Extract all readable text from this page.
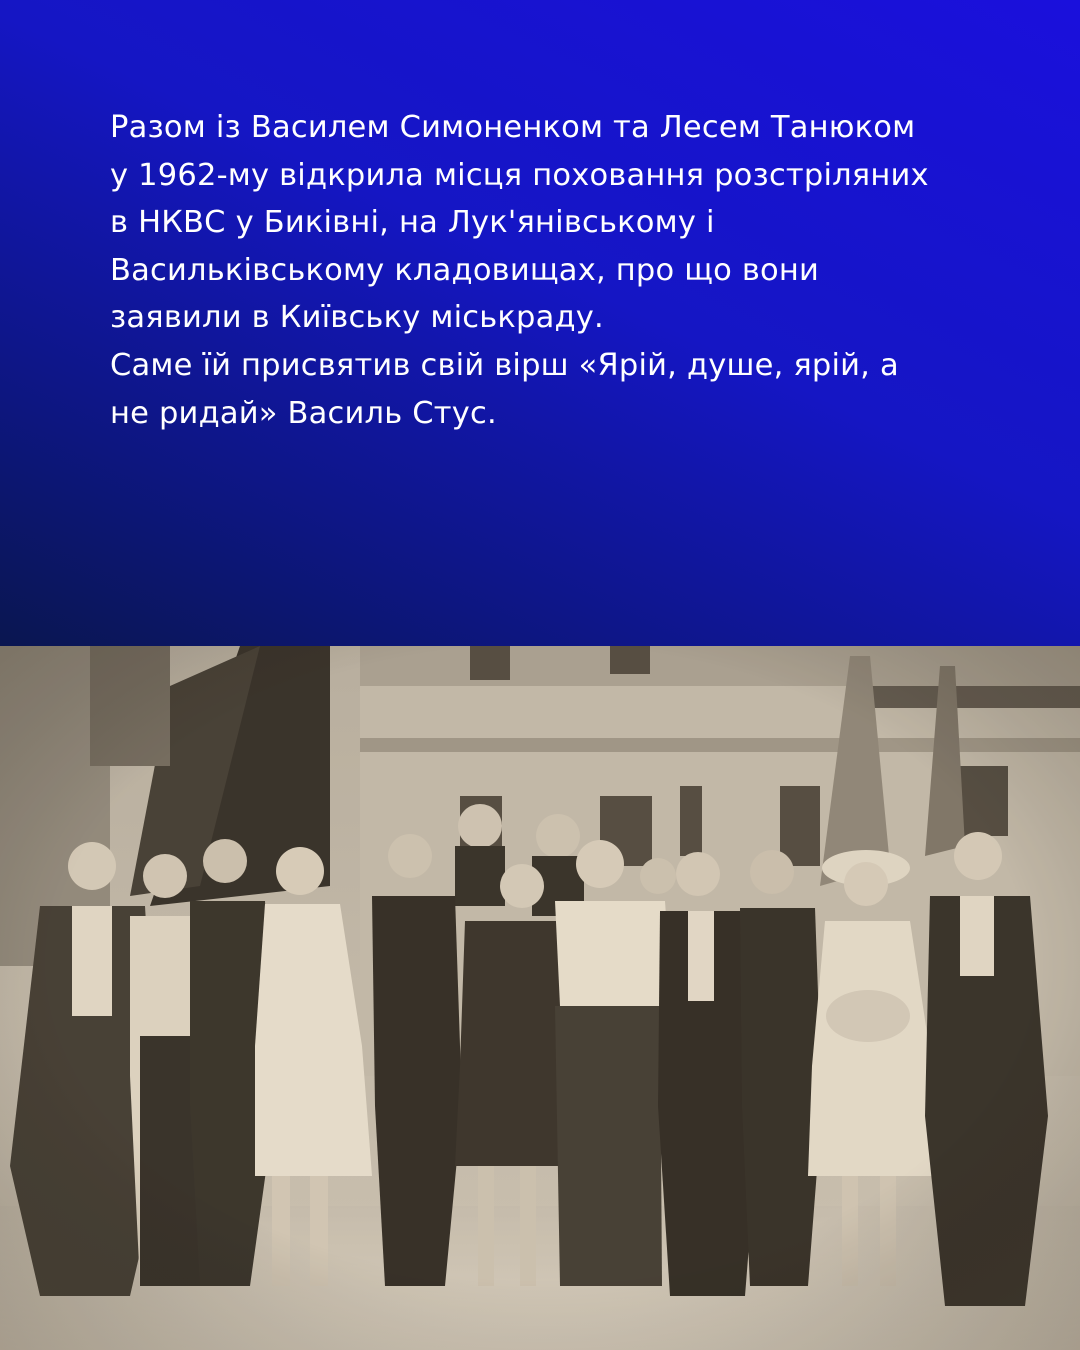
Разом із Василем Симоненком та Лесем Танюком
у 1962-му відкрила місця поховання розстріляних
в НКВС у Биківні, на Лук'янівському і
Васильківському кладовищах, про що вони
заявили в Київську міськраду.
Саме їй присвятив свій вірш «Ярій, душе, ярій, а
не ридай» Василь Стус.
